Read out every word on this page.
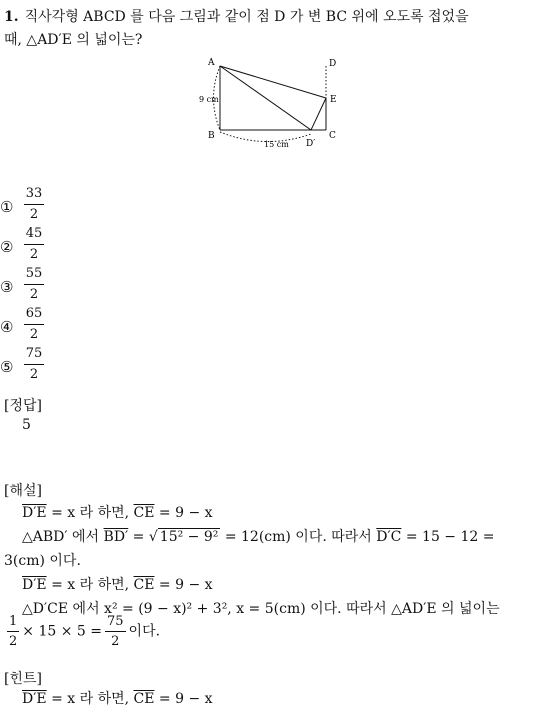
1. 직사각형 ABCD 를 다음 그림과 같이 점 D 가 변 BC 위에 오도록 접었을
때, △AD′E 의 넓이는?
A	D
E
B	C
D′
9 cm
15 cm
① $\frac{33}{2}$
② $\frac{45}{2}$
③ $\frac{55}{2}$
④ $\frac{65}{2}$
⑤ $\frac{75}{2}$
[정답]
5
[해설]
D′E = x 라 하면, $\overline{CE} = 9 - x$
△ABD′ 에서 BD′ = √ 15² − 9² = 12(cm) 이다. 따라서 D′C = 15 − 12 =
3(cm) 이다.
D′E = x 라 하면, $\overline{CE} = 9 - x$
△D′CE 에서 x² = (9 − x)² + 3², x = 5(cm) 이다. 따라서 △AD′E 의 넓이는
$\frac{1}{2} \times 15 \times 5 = \frac{75}{2}$ 이다.
[힌트]
D′E = x 라 하면, $\overline{CE} = 9 - x$
